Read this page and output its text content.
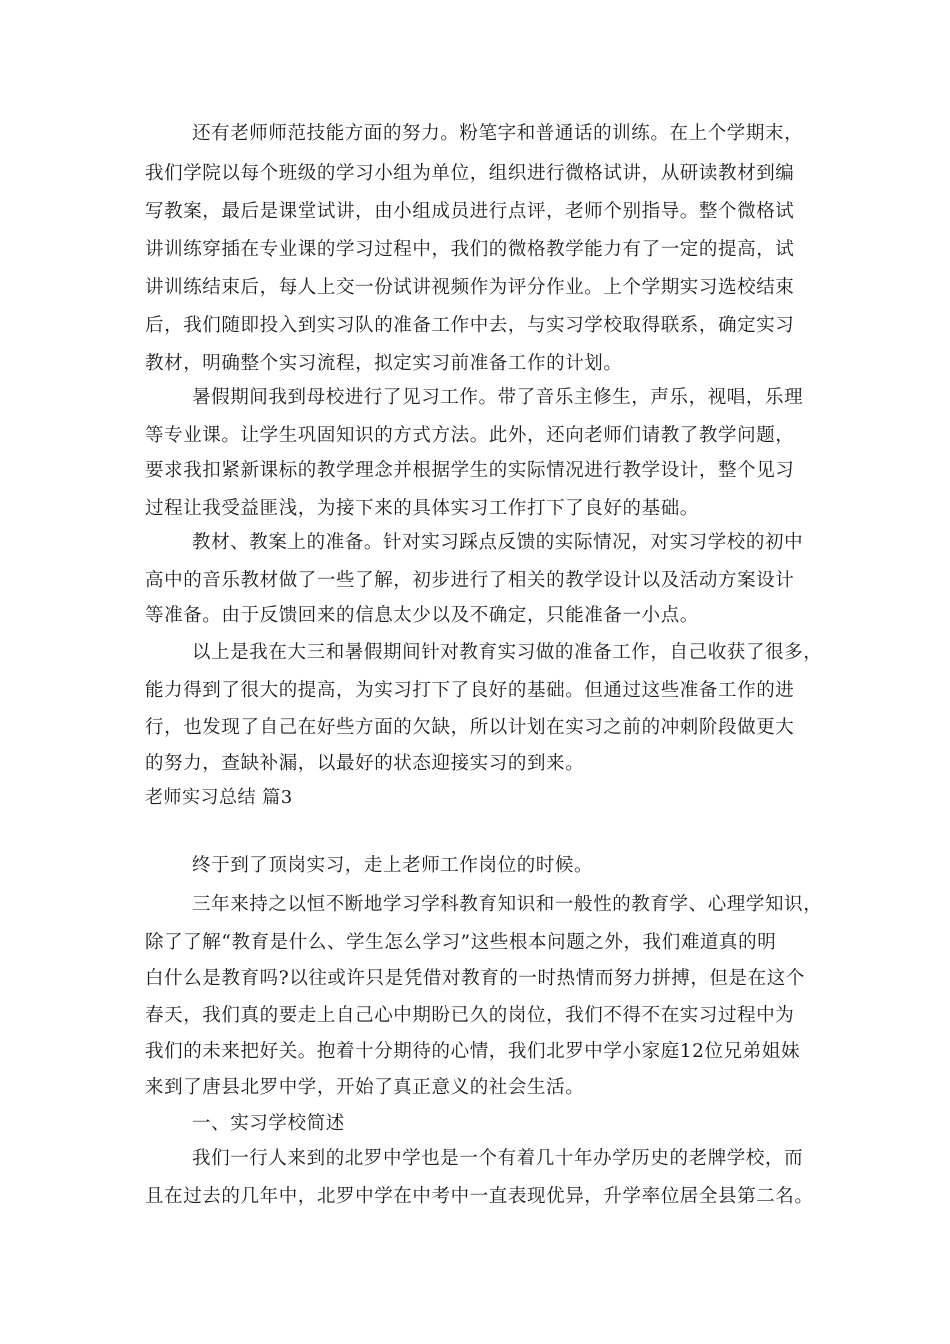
还有老师师范技能方面的努力。粉笔字和普通话的训练。在上个学期末，
我们学院以每个班级的学习小组为单位，组织进行微格试讲，从研读教材到编
写教案，最后是课堂试讲，由小组成员进行点评，老师个别指导。整个微格试
讲训练穿插在专业课的学习过程中，我们的微格教学能力有了一定的提高，试
讲训练结束后，每人上交一份试讲视频作为评分作业。上个学期实习选校结束
后，我们随即投入到实习队的准备工作中去，与实习学校取得联系，确定实习
教材，明确整个实习流程，拟定实习前准备工作的计划。
暑假期间我到母校进行了见习工作。带了音乐主修生，声乐，视唱，乐理
等专业课。让学生巩固知识的方式方法。此外，还向老师们请教了教学问题，
要求我扣紧新课标的教学理念并根据学生的实际情况进行教学设计，整个见习
过程让我受益匪浅，为接下来的具体实习工作打下了良好的基础。
教材、教案上的准备。针对实习踩点反馈的实际情况，对实习学校的初中
高中的音乐教材做了一些了解，初步进行了相关的教学设计以及活动方案设计
等准备。由于反馈回来的信息太少以及不确定，只能准备一小点。
以上是我在大三和暑假期间针对教育实习做的准备工作，自己收获了很多，
能力得到了很大的提高，为实习打下了良好的基础。但通过这些准备工作的进
行，也发现了自己在好些方面的欠缺，所以计划在实习之前的冲刺阶段做更大
的努力，查缺补漏，以最好的状态迎接实习的到来。
老师实习总结 篇3
终于到了顶岗实习，走上老师工作岗位的时候。
三年来持之以恒不断地学习学科教育知识和一般性的教育学、心理学知识，
除了了解“教育是什么、学生怎么学习”这些根本问题之外，我们难道真的明
白什么是教育吗?以往或许只是凭借对教育的一时热情而努力拼搏，但是在这个
春天，我们真的要走上自己心中期盼已久的岗位，我们不得不在实习过程中为
我们的未来把好关。抱着十分期待的心情，我们北罗中学小家庭12位兄弟姐妹
来到了唐县北罗中学，开始了真正意义的社会生活。
一、实习学校简述
我们一行人来到的北罗中学也是一个有着几十年办学历史的老牌学校，而
且在过去的几年中，北罗中学在中考中一直表现优异，升学率位居全县第二名。
